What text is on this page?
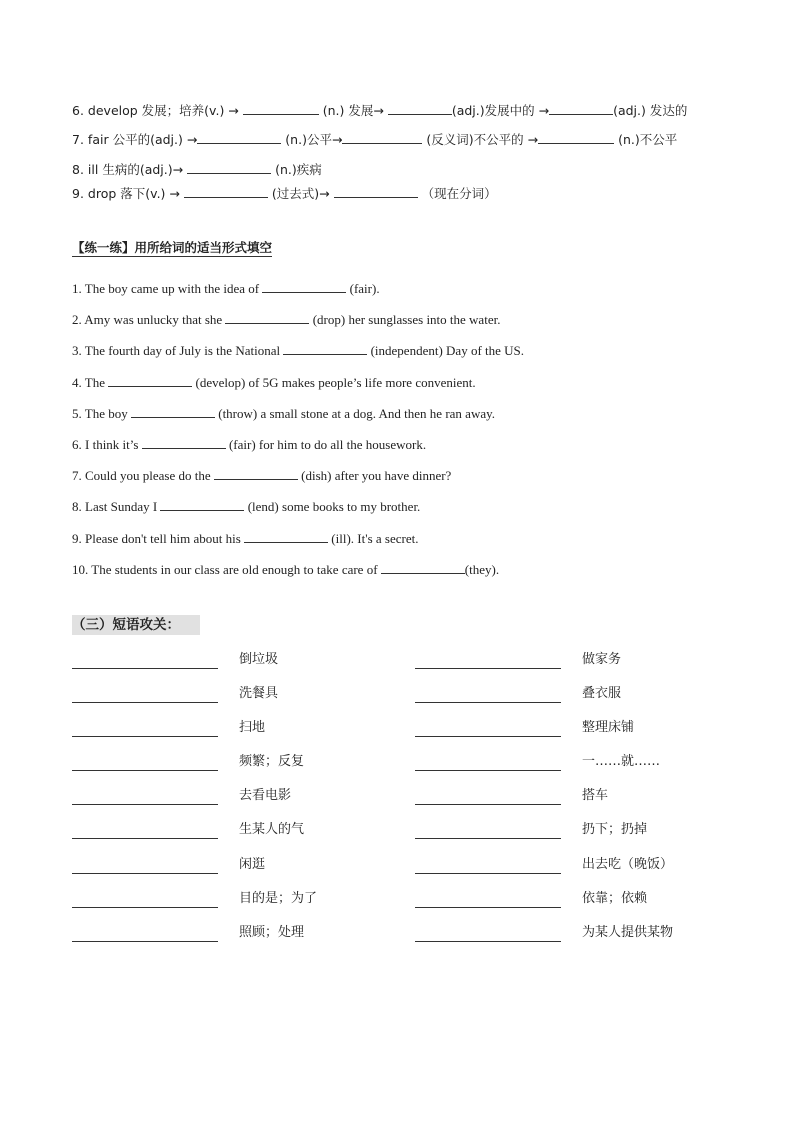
6. develop 发展；培养(v.) →	(n.) 发展→	(adj.)发展中的 →	(adj.) 发达的
7. fair 公平的(adj.) →	(n.)公平→	(反义词)不公平的 →	(n.)不公平
8. ill 生病的(adj.)→	(n.)疾病
9. drop 落下(v.) →	(过去式)→	（现在分词）
【练一练】用所给词的适当形式填空
1. The boy came up with the idea of	(fair).
2. Amy was unlucky that she	(drop) her sunglasses into the water.
3. The fourth day of July is the National	(independent) Day of the US.
4. The	(develop) of 5G makes people’s life more convenient.
5. The boy	(throw) a small stone at a dog. And then he ran away.
6. I think it’s	(fair) for him to do all the housework.
7. Could you please do the	(dish) after you have dinner?
8. Last Sunday I	(lend) some books to my brother.
9. Please don't tell him about his	(ill). It's a secret.
10. The students in our class are old enough to take care of	(they).
（三）短语攻关：
倒垃圾	做家务
洗餐具	叠衣服
扫地	整理床铺
频繁；反复	一……就……
去看电影	搭车
生某人的气	扔下；扔掉
闲逛	出去吃（晚饭）
目的是；为了	依靠；依赖
照顾；处理	为某人提供某物
